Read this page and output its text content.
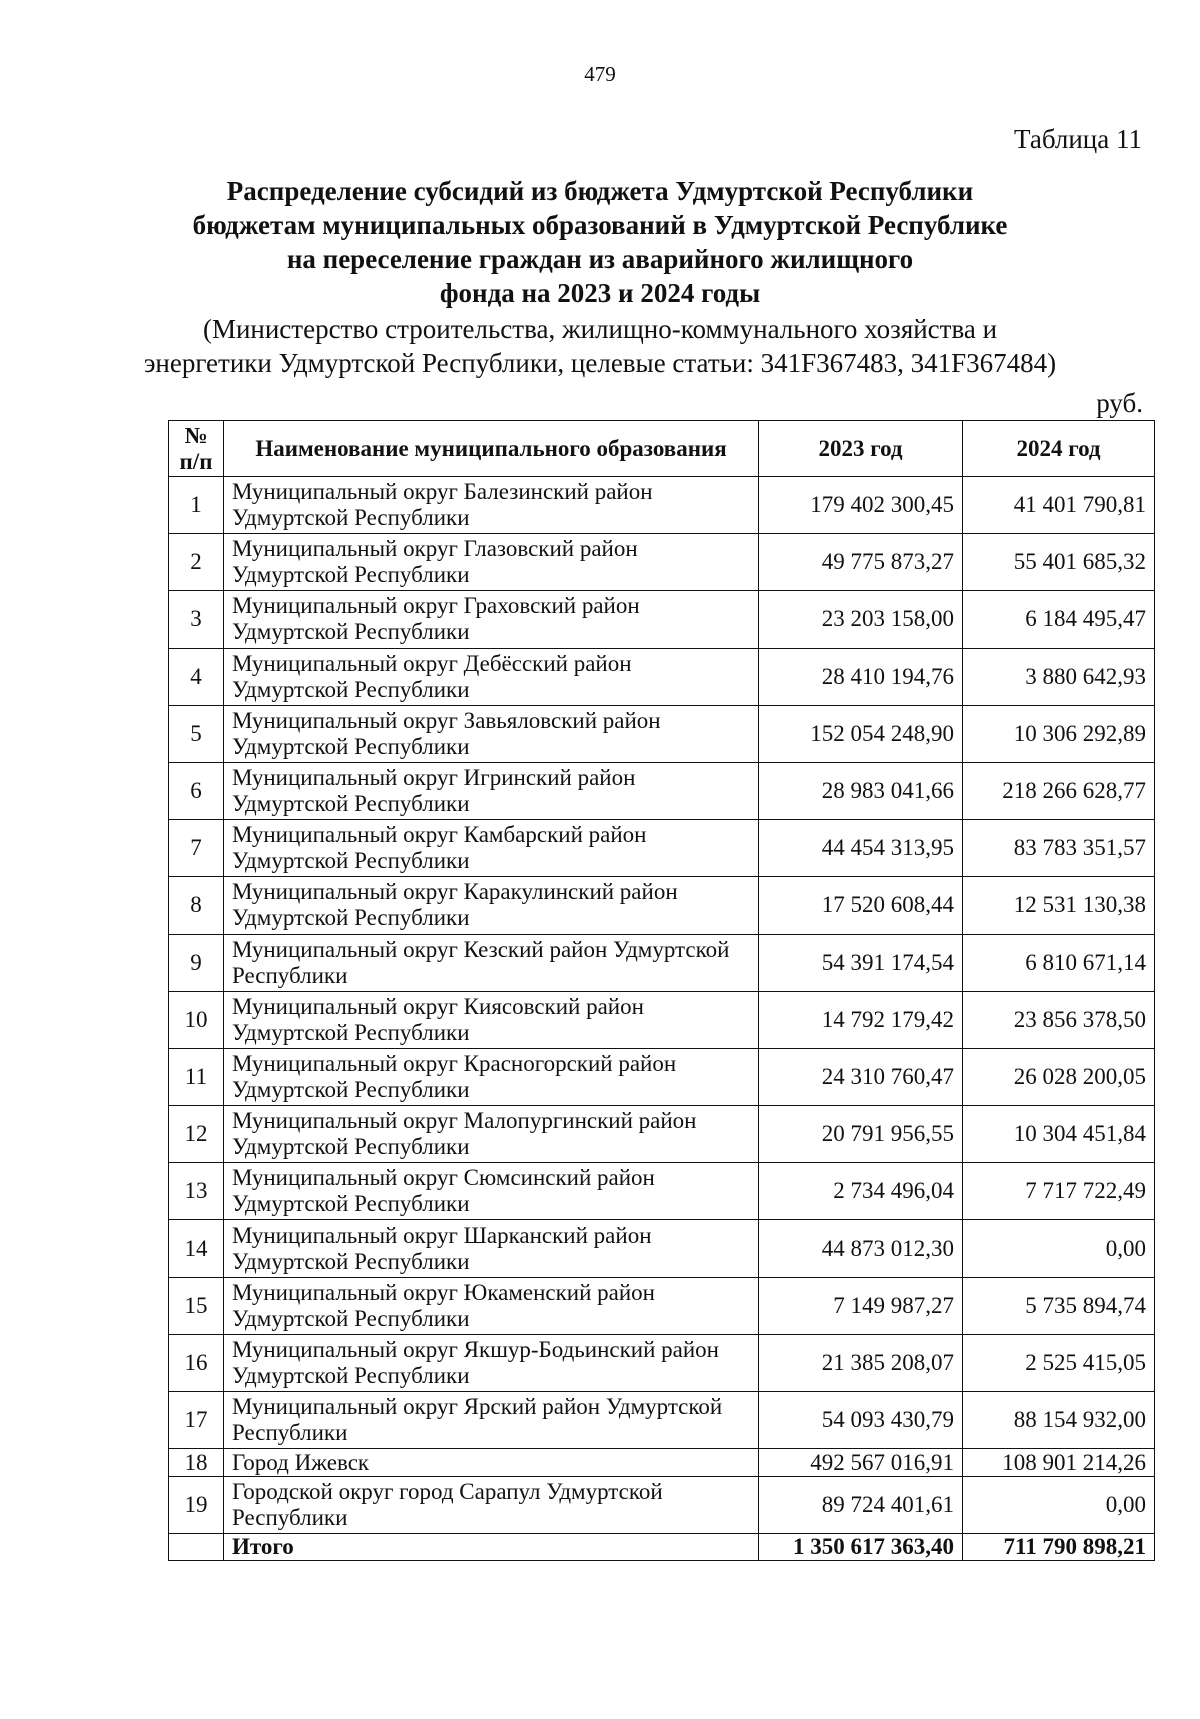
479
Таблица 11
Распределение субсидий из бюджета Удмуртской Республики
бюджетам муниципальных образований в Удмуртской Республике
на переселение граждан из аварийного жилищного
фонда на 2023 и 2024 годы

(Министерство строительства, жилищно-коммунального хозяйства и
энергетики Удмуртской Республики, целевые статьи: 341F367483, 341F367484)

руб.
№ п/п	Наименование муниципального образования	2023 год	2024 год
1	Муниципальный округ Балезинский район Удмуртской Республики	179 402 300,45	41 401 790,81
2	Муниципальный округ Глазовский район Удмуртской Республики	49 775 873,27	55 401 685,32
3	Муниципальный округ Граховский район Удмуртской Республики	23 203 158,00	6 184 495,47
4	Муниципальный округ Дебёсский район Удмуртской Республики	28 410 194,76	3 880 642,93
5	Муниципальный округ Завьяловский район Удмуртской Республики	152 054 248,90	10 306 292,89
6	Муниципальный округ Игринский район Удмуртской Республики	28 983 041,66	218 266 628,77
7	Муниципальный округ Камбарский район Удмуртской Республики	44 454 313,95	83 783 351,57
8	Муниципальный округ Каракулинский район Удмуртской Республики	17 520 608,44	12 531 130,38
9	Муниципальный округ Кезский район Удмуртской Республики	54 391 174,54	6 810 671,14
10	Муниципальный округ Киясовский район Удмуртской Республики	14 792 179,42	23 856 378,50
11	Муниципальный округ Красногорский район Удмуртской Республики	24 310 760,47	26 028 200,05
12	Муниципальный округ Малопургинский район Удмуртской Республики	20 791 956,55	10 304 451,84
13	Муниципальный округ Сюмсинский район Удмуртской Республики	2 734 496,04	7 717 722,49
14	Муниципальный округ Шарканский район Удмуртской Республики	44 873 012,30	0,00
15	Муниципальный округ Юкаменский район Удмуртской Республики	7 149 987,27	5 735 894,74
16	Муниципальный округ Якшур-Бодьинский район Удмуртской Республики	21 385 208,07	2 525 415,05
17	Муниципальный округ Ярский район Удмуртской Республики	54 093 430,79	88 154 932,00
18	Город Ижевск	492 567 016,91	108 901 214,26
19	Городской округ город Сарапул Удмуртской Республики	89 724 401,61	0,00
	Итого	1 350 617 363,40	711 790 898,21
